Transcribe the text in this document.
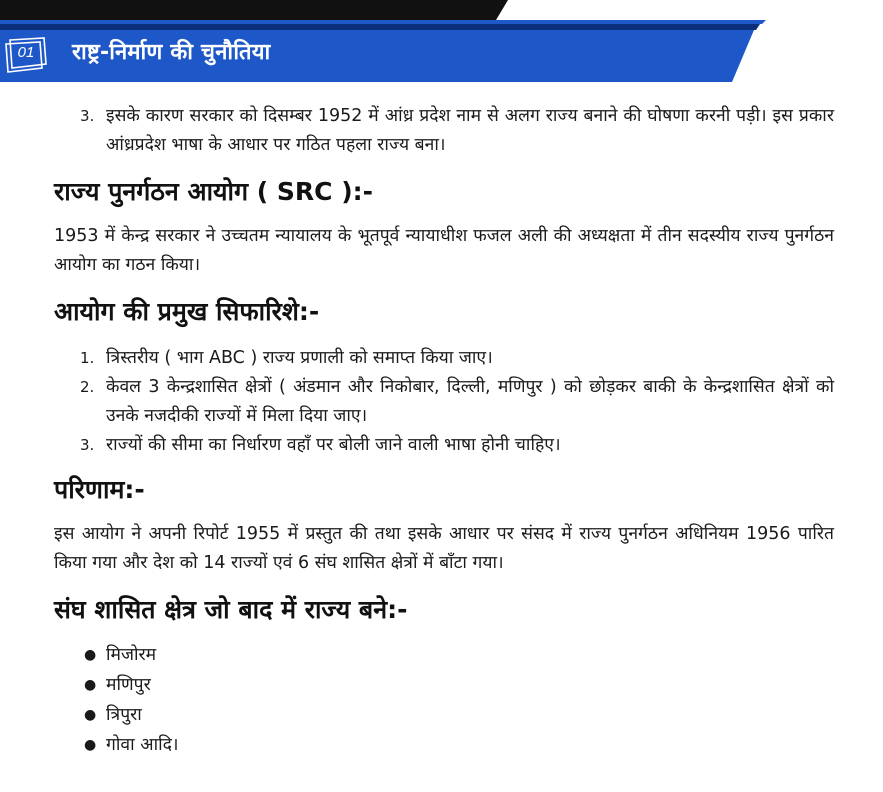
01 राष्ट्र-निर्माण की चुनौतिया
3. इसके कारण सरकार को दिसम्बर 1952 में आंध्र प्रदेश नाम से अलग राज्य बनाने की घोषणा करनी पड़ी। इस प्रकार आंध्रप्रदेश भाषा के आधार पर गठित पहला राज्य बना।
राज्य पुनर्गठन आयोग ( SRC ):-

1953 में केन्द्र सरकार ने उच्चतम न्यायालय के भूतपूर्व न्यायाधीश फजल अली की अध्यक्षता में तीन सदस्यीय राज्य पुनर्गठन आयोग का गठन किया।

आयोग की प्रमुख सिफारिशे:-
1. त्रिस्तरीय ( भाग ABC ) राज्य प्रणाली को समाप्त किया जाए।
2. केवल 3 केन्द्रशासित क्षेत्रों ( अंडमान और निकोबार, दिल्ली, मणिपुर ) को छोड़कर बाकी के केन्द्रशासित क्षेत्रों को उनके नजदीकी राज्यों में मिला दिया जाए।
3. राज्यों की सीमा का निर्धारण वहाँ पर बोली जाने वाली भाषा होनी चाहिए।
परिणाम:-

इस आयोग ने अपनी रिपोर्ट 1955 में प्रस्तुत की तथा इसके आधार पर संसद में राज्य पुनर्गठन अधिनियम 1956 पारित किया गया और देश को 14 राज्यों एवं 6 संघ शासित क्षेत्रों में बाँटा गया।

संघ शासित क्षेत्र जो बाद में राज्य बने:-
● मिजोरम
● मणिपुर
● त्रिपुरा
● गोवा आदि।
